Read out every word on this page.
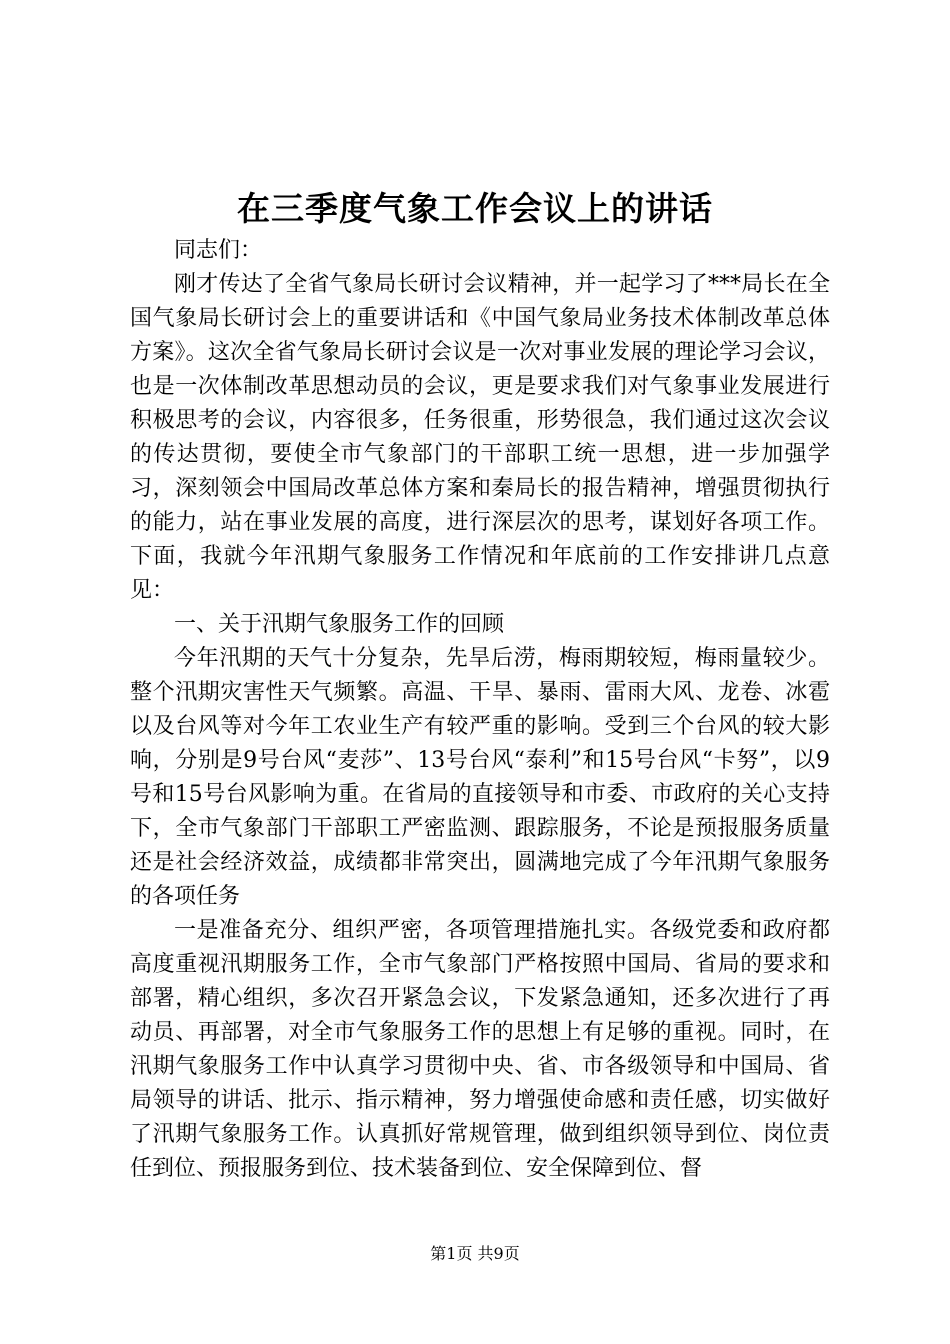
在三季度气象工作会议上的讲话

同志们：

刚才传达了全省气象局长研讨会议精神，并一起学习了***局长在全国气象局长研讨会上的重要讲话和《中国气象局业务技术体制改革总体方案》。这次全省气象局长研讨会议是一次对事业发展的理论学习会议，也是一次体制改革思想动员的会议，更是要求我们对气象事业发展进行积极思考的会议，内容很多，任务很重，形势很急，我们通过这次会议的传达贯彻，要使全市气象部门的干部职工统一思想，进一步加强学习，深刻领会中国局改革总体方案和秦局长的报告精神，增强贯彻执行的能力，站在事业发展的高度，进行深层次的思考，谋划好各项工作。下面，我就今年汛期气象服务工作情况和年底前的工作安排讲几点意见：

一、关于汛期气象服务工作的回顾

今年汛期的天气十分复杂，先旱后涝，梅雨期较短，梅雨量较少。整个汛期灾害性天气频繁。高温、干旱、暴雨、雷雨大风、龙卷、冰雹以及台风等对今年工农业生产有较严重的影响。受到三个台风的较大影响，分别是9号台风“麦莎”、13号台风“泰利”和15号台风“卡努”，以9号和15号台风影响为重。在省局的直接领导和市委、市政府的关心支持下，全市气象部门干部职工严密监测、跟踪服务，不论是预报服务质量还是社会经济效益，成绩都非常突出，圆满地完成了今年汛期气象服务的各项任务

一是准备充分、组织严密，各项管理措施扎实。各级党委和政府都高度重视汛期服务工作，全市气象部门严格按照中国局、省局的要求和部署，精心组织，多次召开紧急会议，下发紧急通知，还多次进行了再动员、再部署，对全市气象服务工作的思想上有足够的重视。同时，在汛期气象服务工作中认真学习贯彻中央、省、市各级领导和中国局、省局领导的讲话、批示、指示精神，努力增强使命感和责任感，切实做好了汛期气象服务工作。认真抓好常规管理，做到组织领导到位、岗位责任到位、预报服务到位、技术装备到位、安全保障到位、督

第1页 共9页
